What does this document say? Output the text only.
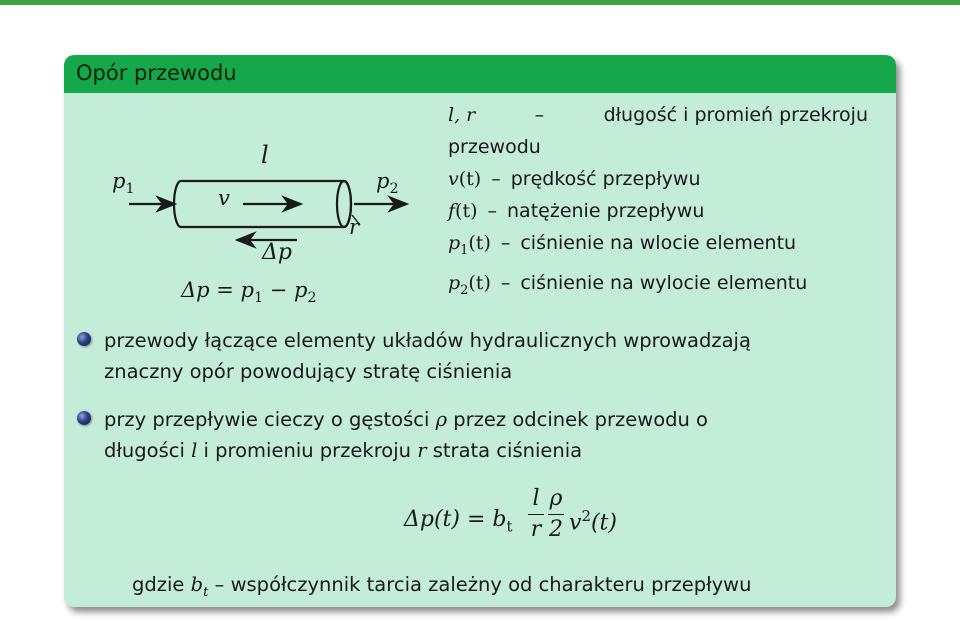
Opór przewodu
l
v
r
$p_1$	$p_2$
Δp
$\Delta p = p_1 - p_2$
l, r	–	długość i promień przekroju
przewodu
v(t) – prędkość przepływu
f(t) – natężenie przepływu
$p_1(t)$ – ciśnienie na wlocie elementu
$p_2(t)$ – ciśnienie na wylocie elementu
przewody łączące elementy układów hydraulicznych wprowadzają
znaczny opór powodujący stratę ciśnienia
przy przepływie cieczy o gęstości ρ przez odcinek przewodu o
długości l i promieniu przekroju r strata ciśnienia
$\Delta p(t) = b_t$
l
r
ρ
2 $v^2(t)$
gdzie $b_t$ – współczynnik tarcia zależny od charakteru przepływu
